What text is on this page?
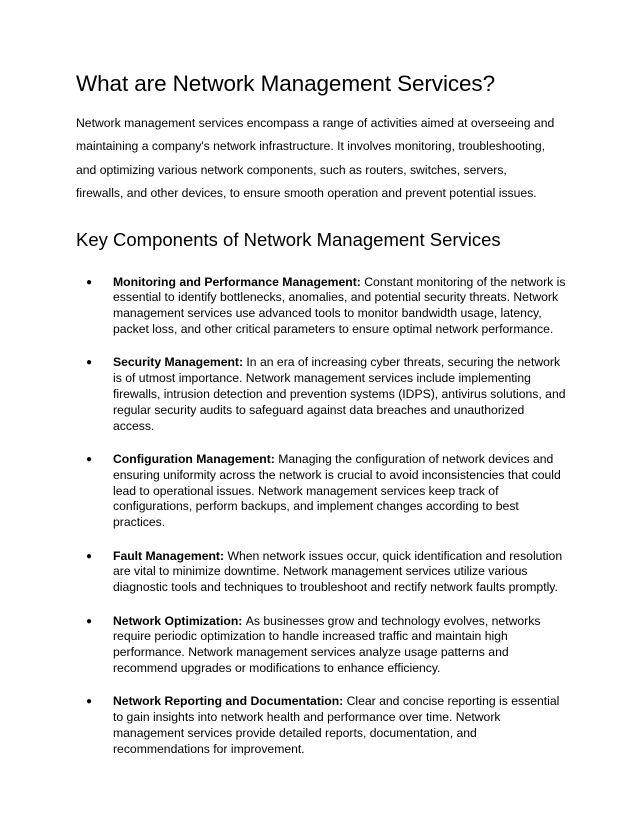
What are Network Management Services?

Network management services encompass a range of activities aimed at overseeing and maintaining a company's network infrastructure. It involves monitoring, troubleshooting, and optimizing various network components, such as routers, switches, servers, firewalls, and other devices, to ensure smooth operation and prevent potential issues.

Key Components of Network Management Services
● Monitoring and Performance Management: Constant monitoring of the network is essential to identify bottlenecks, anomalies, and potential security threats. Network management services use advanced tools to monitor bandwidth usage, latency, packet loss, and other critical parameters to ensure optimal network performance.
● Security Management: In an era of increasing cyber threats, securing the network is of utmost importance. Network management services include implementing firewalls, intrusion detection and prevention systems (IDPS), antivirus solutions, and regular security audits to safeguard against data breaches and unauthorized access.
● Configuration Management: Managing the configuration of network devices and ensuring uniformity across the network is crucial to avoid inconsistencies that could lead to operational issues. Network management services keep track of configurations, perform backups, and implement changes according to best practices.
● Fault Management: When network issues occur, quick identification and resolution are vital to minimize downtime. Network management services utilize various diagnostic tools and techniques to troubleshoot and rectify network faults promptly.
● Network Optimization: As businesses grow and technology evolves, networks require periodic optimization to handle increased traffic and maintain high performance. Network management services analyze usage patterns and recommend upgrades or modifications to enhance efficiency.
● Network Reporting and Documentation: Clear and concise reporting is essential to gain insights into network health and performance over time. Network management services provide detailed reports, documentation, and recommendations for improvement.
